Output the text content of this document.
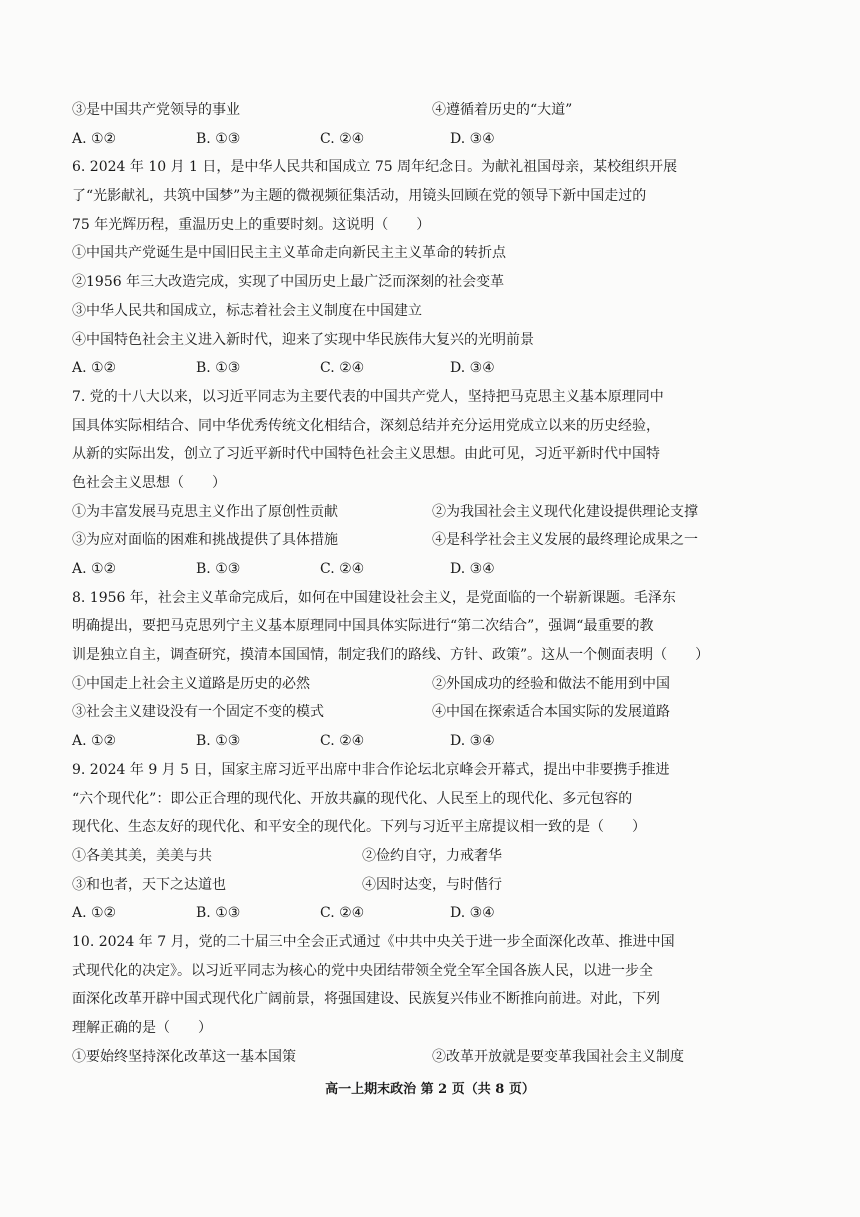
③是中国共产党领导的事业	④遵循着历史的“大道”
A. ①②	B. ①③	C. ②④	D. ③④
6. 2024 年 10 月 1 日，是中华人民共和国成立 75 周年纪念日。为献礼祖国母亲，某校组织开展
了“光影献礼，共筑中国梦”为主题的微视频征集活动，用镜头回顾在党的领导下新中国走过的
75 年光辉历程，重温历史上的重要时刻。这说明（　　）
①中国共产党诞生是中国旧民主主义革命走向新民主主义革命的转折点
②1956 年三大改造完成，实现了中国历史上最广泛而深刻的社会变革
③中华人民共和国成立，标志着社会主义制度在中国建立
④中国特色社会主义进入新时代，迎来了实现中华民族伟大复兴的光明前景
A. ①②	B. ①③	C. ②④	D. ③④
7. 党的十八大以来，以习近平同志为主要代表的中国共产党人，坚持把马克思主义基本原理同中
国具体实际相结合、同中华优秀传统文化相结合，深刻总结并充分运用党成立以来的历史经验，
从新的实际出发，创立了习近平新时代中国特色社会主义思想。由此可见，习近平新时代中国特
色社会主义思想（　　）
①为丰富发展马克思主义作出了原创性贡献	②为我国社会主义现代化建设提供理论支撑
③为应对面临的困难和挑战提供了具体措施	④是科学社会主义发展的最终理论成果之一
A. ①②	B. ①③	C. ②④	D. ③④
8. 1956 年，社会主义革命完成后，如何在中国建设社会主义，是党面临的一个崭新课题。毛泽东
明确提出，要把马克思列宁主义基本原理同中国具体实际进行“第二次结合”，强调“最重要的教
训是独立自主，调查研究，摸清本国国情，制定我们的路线、方针、政策”。这从一个侧面表明（　　）
①中国走上社会主义道路是历史的必然	②外国成功的经验和做法不能用到中国
③社会主义建设没有一个固定不变的模式	④中国在探索适合本国实际的发展道路
A. ①②	B. ①③	C. ②④	D. ③④
9. 2024 年 9 月 5 日，国家主席习近平出席中非合作论坛北京峰会开幕式，提出中非要携手推进
“六个现代化”：即公正合理的现代化、开放共赢的现代化、人民至上的现代化、多元包容的
现代化、生态友好的现代化、和平安全的现代化。下列与习近平主席提议相一致的是（　　）
①各美其美，美美与共	②俭约自守，力戒奢华
③和也者，天下之达道也	④因时达变，与时偕行
A. ①②	B. ①③	C. ②④	D. ③④
10. 2024 年 7 月，党的二十届三中全会正式通过《中共中央关于进一步全面深化改革、推进中国
式现代化的决定》。以习近平同志为核心的党中央团结带领全党全军全国各族人民，以进一步全
面深化改革开辟中国式现代化广阔前景，将强国建设、民族复兴伟业不断推向前进。对此，下列
理解正确的是（　　）
①要始终坚持深化改革这一基本国策	②改革开放就是要变革我国社会主义制度
高一上期末政治 第 2 页（共 8 页）
